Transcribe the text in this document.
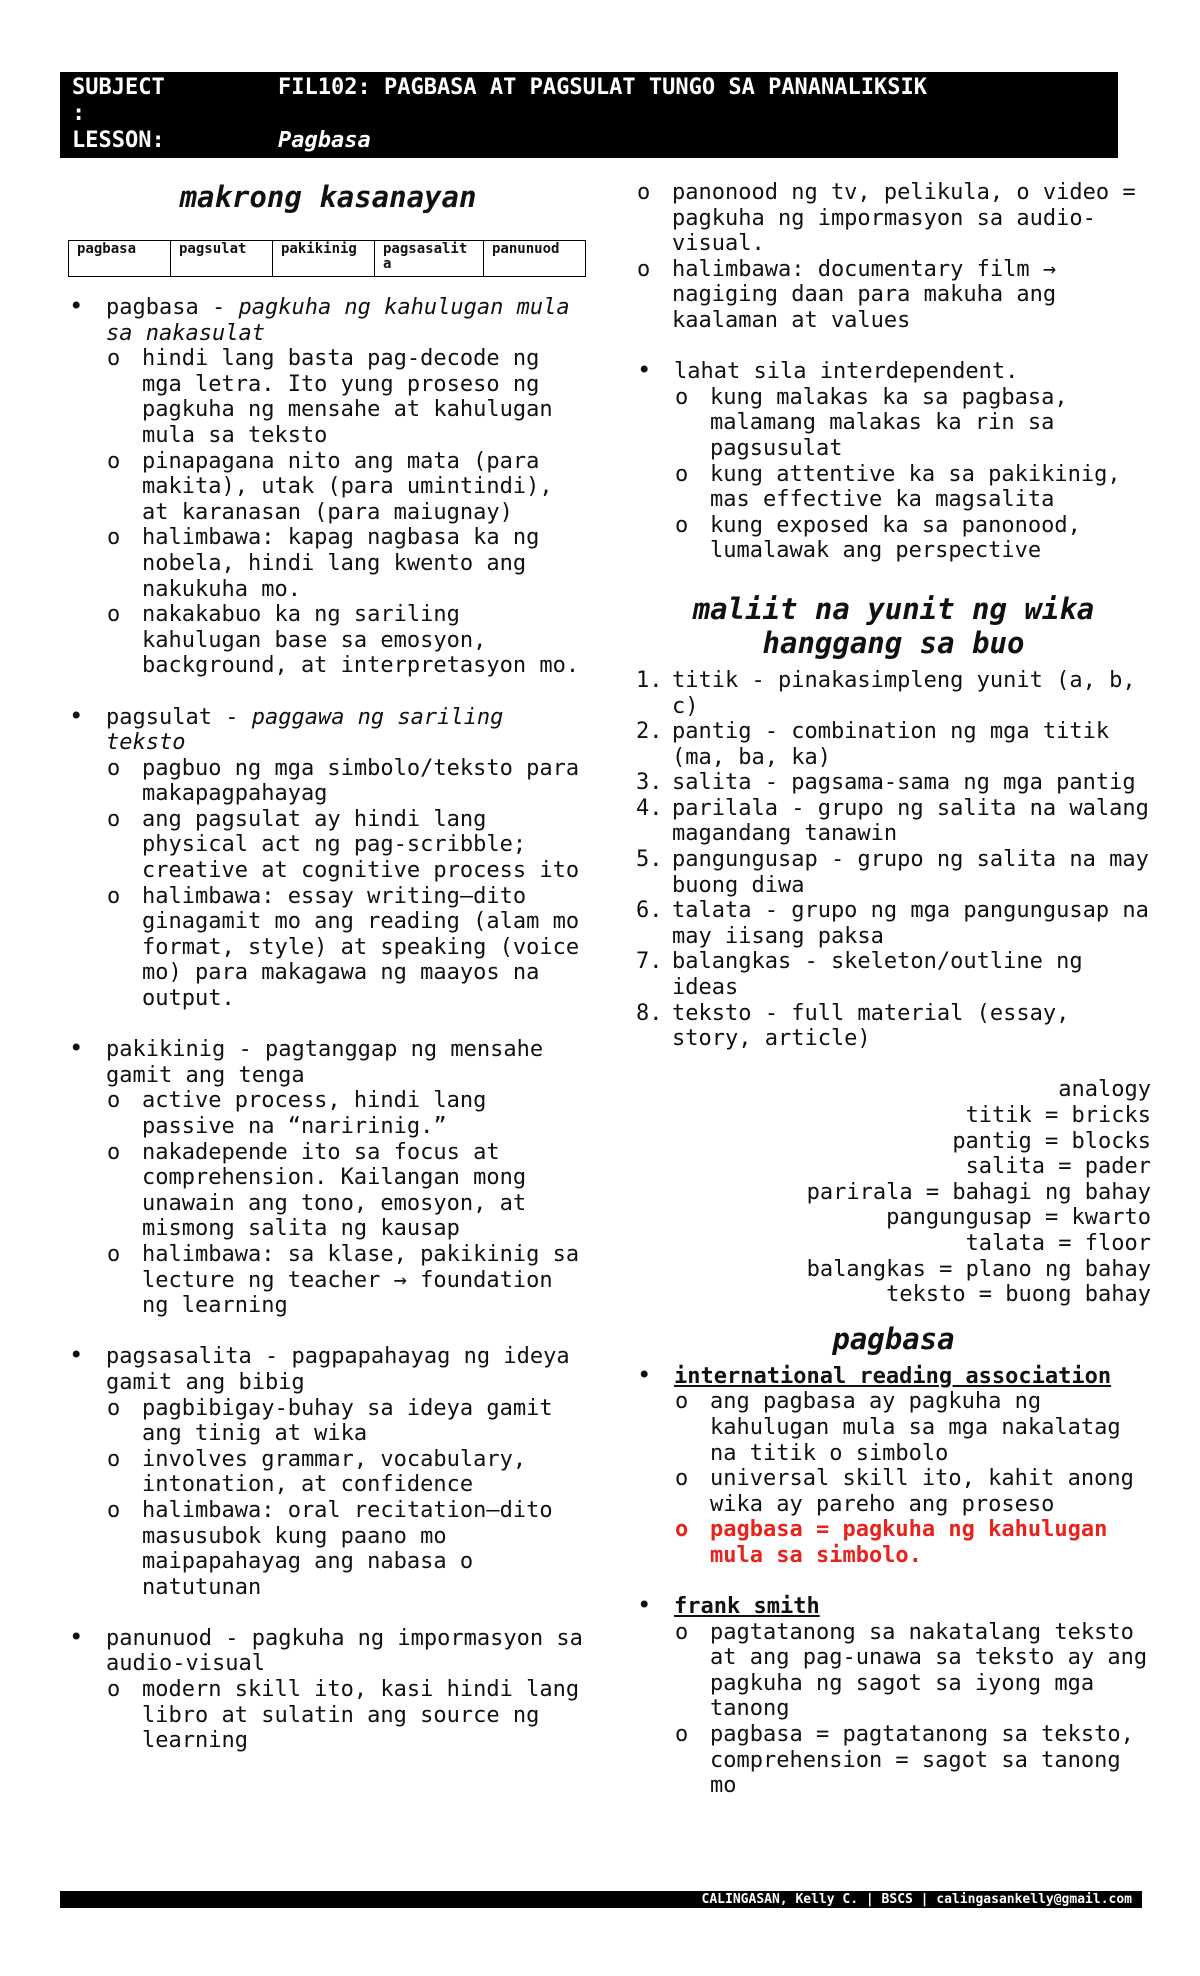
SUBJECT	FIL102: PAGBASA AT PAGSULAT TUNGO SA PANANALIKSIK
:
LESSON:	Pagbasa
makrong kasanayan
pagbasa	pagsulat	pakikinig	pagsasalita	panunuod
• pagbasa - pagkuha ng kahulugan mula sa nakasulat
o hindi lang basta pag-decode ng mga letra. Ito yung proseso ng pagkuha ng mensahe at kahulugan mula sa teksto
o pinapagana nito ang mata (para makita), utak (para umintindi), at karanasan (para maiugnay)
o halimbawa: kapag nagbasa ka ng nobela, hindi lang kwento ang nakukuha mo.
o nakakabuo ka ng sariling kahulugan base sa emosyon, background, at interpretasyon mo.
• pagsulat - paggawa ng sariling teksto
o pagbuo ng mga simbolo/teksto para makapagpahayag
o ang pagsulat ay hindi lang physical act ng pag-scribble; creative at cognitive process ito
o halimbawa: essay writing—dito ginagamit mo ang reading (alam mo format, style) at speaking (voice mo) para makagawa ng maayos na output.
• pakikinig - pagtanggap ng mensahe gamit ang tenga
o active process, hindi lang passive na “naririnig.”
o nakadepende ito sa focus at comprehension. Kailangan mong unawain ang tono, emosyon, at mismong salita ng kausap
o halimbawa: sa klase, pakikinig sa lecture ng teacher → foundation ng learning
• pagsasalita - pagpapahayag ng ideya gamit ang bibig
o pagbibigay-buhay sa ideya gamit ang tinig at wika
o involves grammar, vocabulary, intonation, at confidence
o halimbawa: oral recitation—dito masusubok kung paano mo maipapahayag ang nabasa o natutunan
• panunuod - pagkuha ng impormasyon sa audio-visual
o modern skill ito, kasi hindi lang libro at sulatin ang source ng learning
o panonood ng tv, pelikula, o video = pagkuha ng impormasyon sa audio-visual.
o halimbawa: documentary film → nagiging daan para makuha ang kaalaman at values
• lahat sila interdependent.
o kung malakas ka sa pagbasa, malamang malakas ka rin sa pagsusulat
o kung attentive ka sa pakikinig, mas effective ka magsalita
o kung exposed ka sa panonood, lumalawak ang perspective
maliit na yunit ng wika hanggang sa buo
1. titik - pinakasimpleng yunit (a, b, c)
2. pantig - combination ng mga titik (ma, ba, ka)
3. salita - pagsama-sama ng mga pantig
4. parilala - grupo ng salita na walang magandang tanawin
5. pangungusap - grupo ng salita na may buong diwa
6. talata - grupo ng mga pangungusap na may iisang paksa
7. balangkas - skeleton/outline ng ideas
8. teksto - full material (essay, story, article)
analogy
titik = bricks
pantig = blocks
salita = pader
parirala = bahagi ng bahay
pangungusap = kwarto
talata = floor
balangkas = plano ng bahay
teksto = buong bahay
pagbasa
• international reading association
o ang pagbasa ay pagkuha ng kahulugan mula sa mga nakalatag na titik o simbolo
o universal skill ito, kahit anong wika ay pareho ang proseso
o pagbasa = pagkuha ng kahulugan mula sa simbolo.
• frank smith
o pagtatanong sa nakatalang teksto at ang pag-unawa sa teksto ay ang pagkuha ng sagot sa iyong mga tanong
o pagbasa = pagtatanong sa teksto, comprehension = sagot sa tanong mo
CALINGASAN, Kelly C. | BSCS | calingasankelly@gmail.com
